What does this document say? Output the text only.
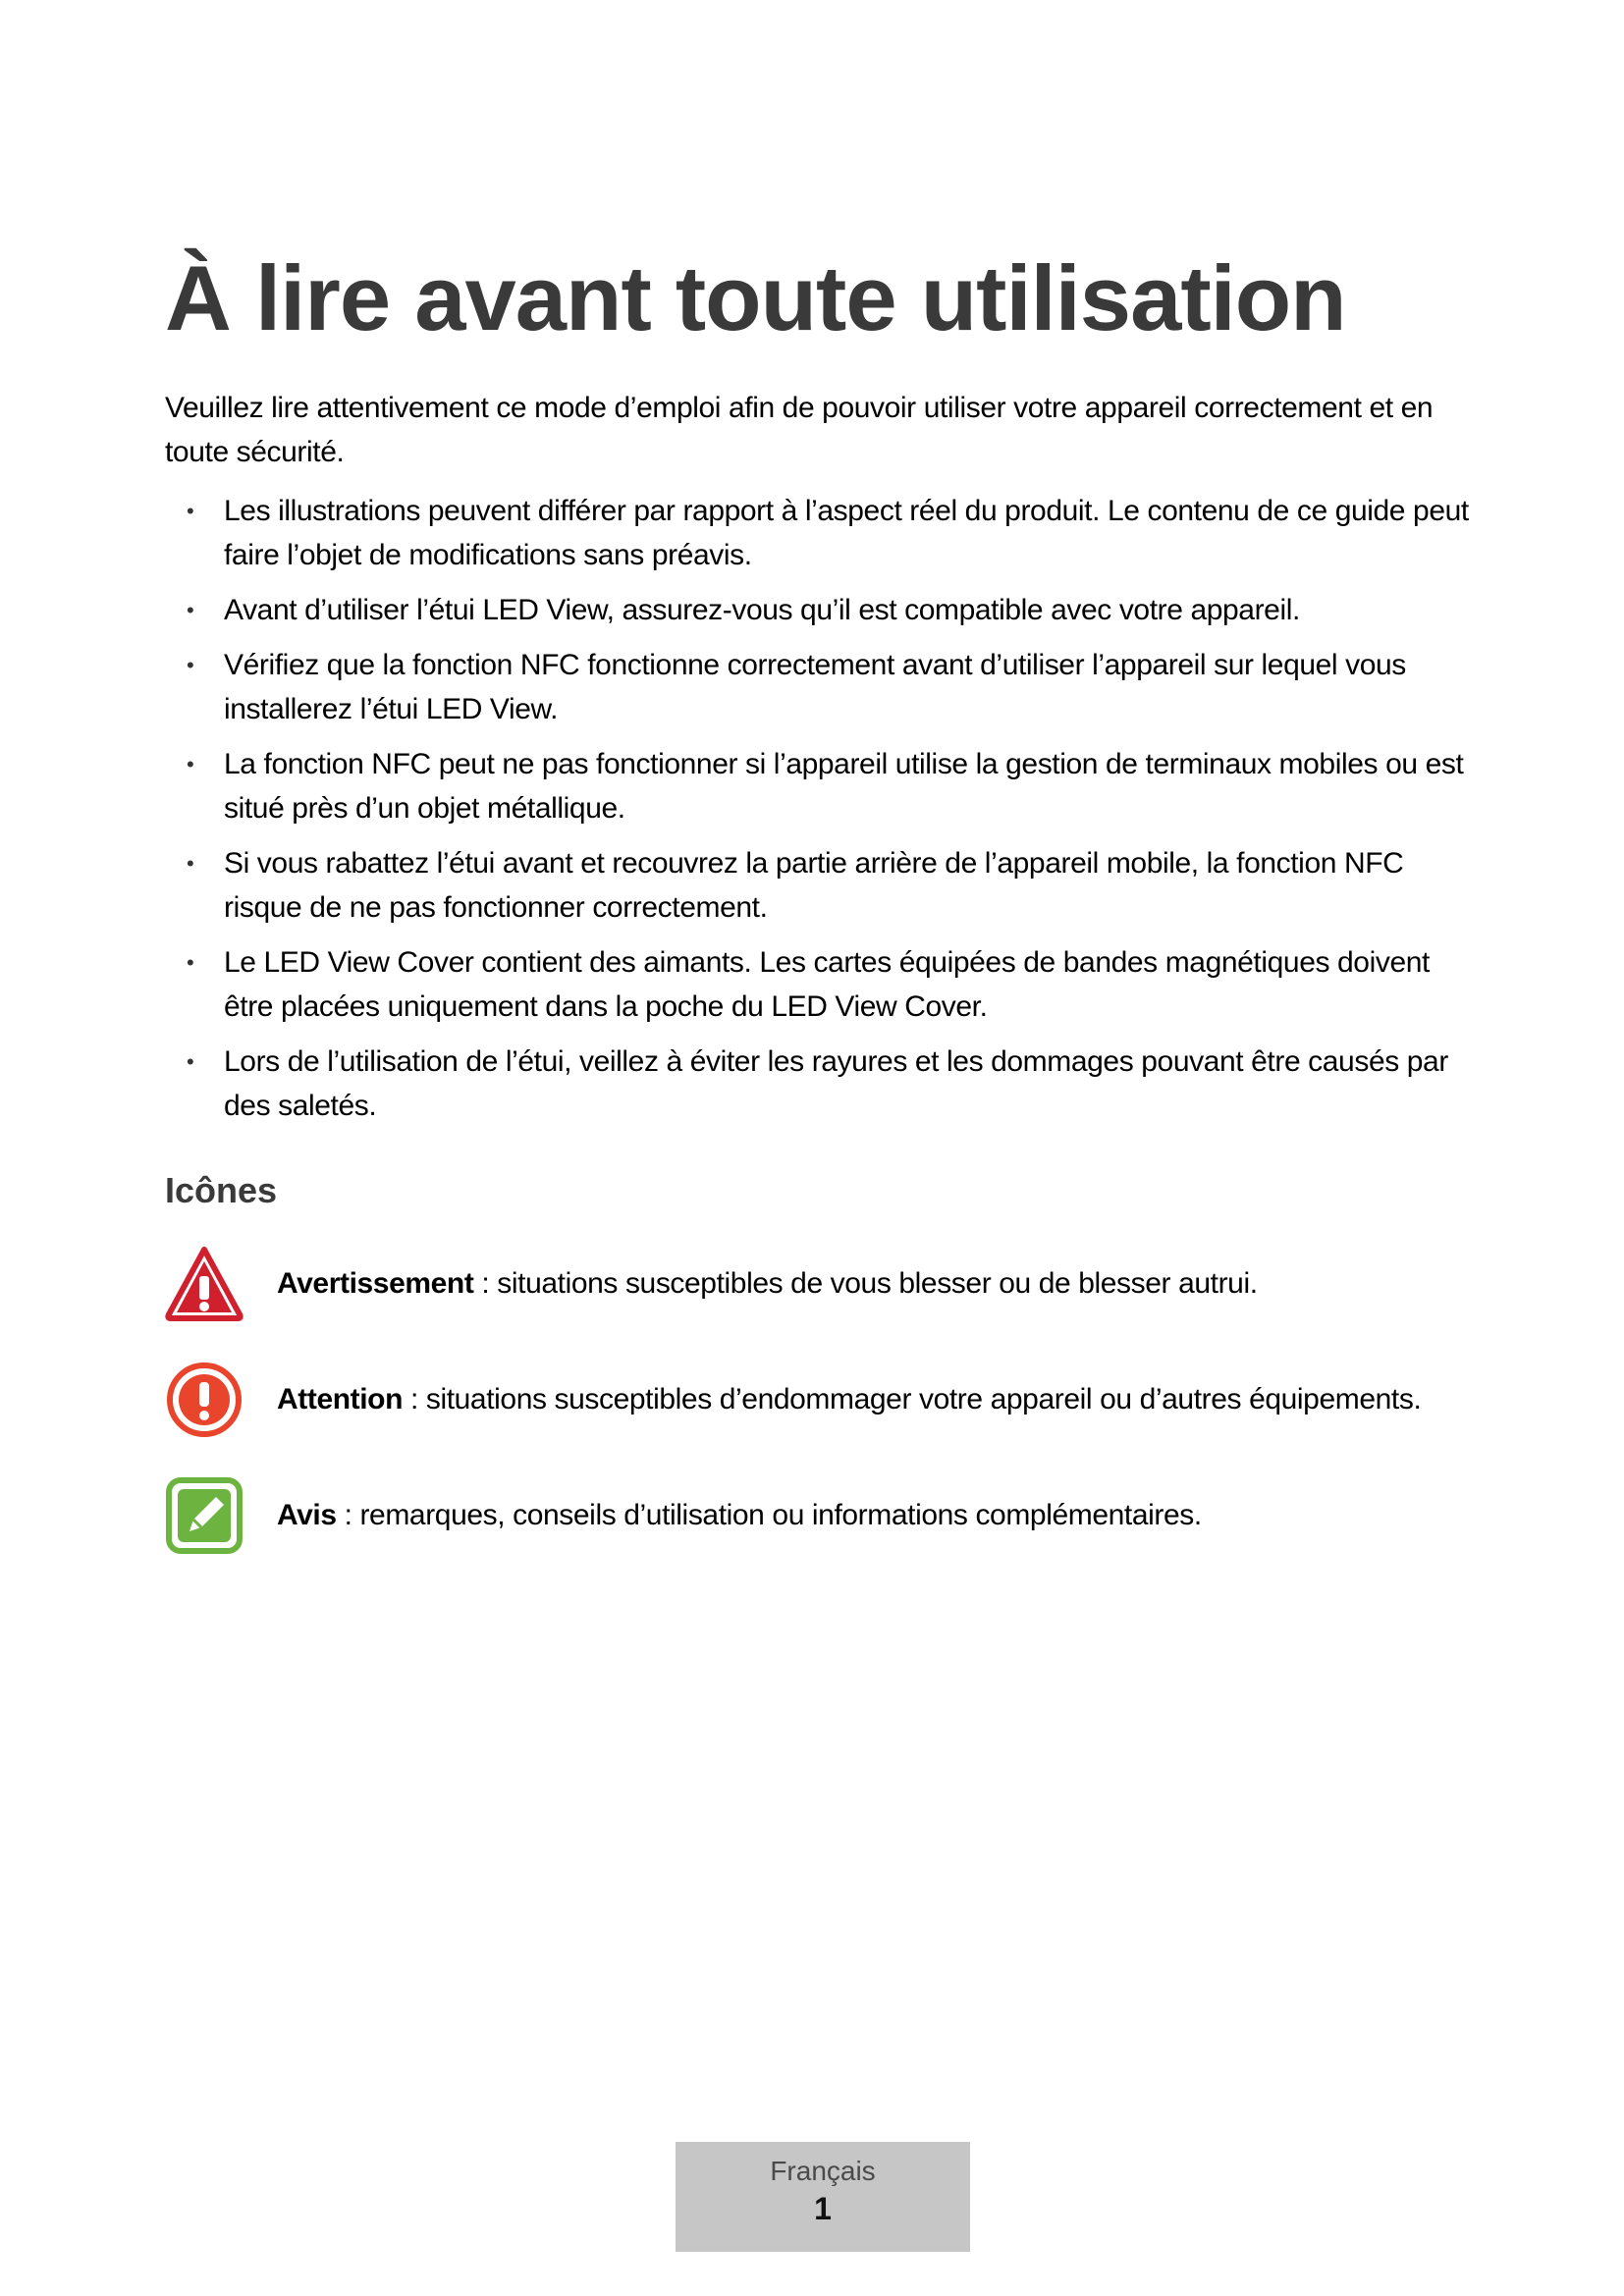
À lire avant toute utilisation

Veuillez lire attentivement ce mode d’emploi afin de pouvoir utiliser votre appareil correctement et en toute sécurité.

• Les illustrations peuvent différer par rapport à l’aspect réel du produit. Le contenu de ce guide peut faire l’objet de modifications sans préavis.
• Avant d’utiliser l’étui LED View, assurez-vous qu’il est compatible avec votre appareil.
• Vérifiez que la fonction NFC fonctionne correctement avant d’utiliser l’appareil sur lequel vous installerez l’étui LED View.
• La fonction NFC peut ne pas fonctionner si l’appareil utilise la gestion de terminaux mobiles ou est situé près d’un objet métallique.
• Si vous rabattez l’étui avant et recouvrez la partie arrière de l’appareil mobile, la fonction NFC risque de ne pas fonctionner correctement.
• Le LED View Cover contient des aimants. Les cartes équipées de bandes magnétiques doivent être placées uniquement dans la poche du LED View Cover.
• Lors de l’utilisation de l’étui, veillez à éviter les rayures et les dommages pouvant être causés par des saletés.
Icônes
Avertissement : situations susceptibles de vous blesser ou de blesser autrui.
Attention : situations susceptibles d’endommager votre appareil ou d’autres équipements.
Avis : remarques, conseils d’utilisation ou informations complémentaires.
Français
1
